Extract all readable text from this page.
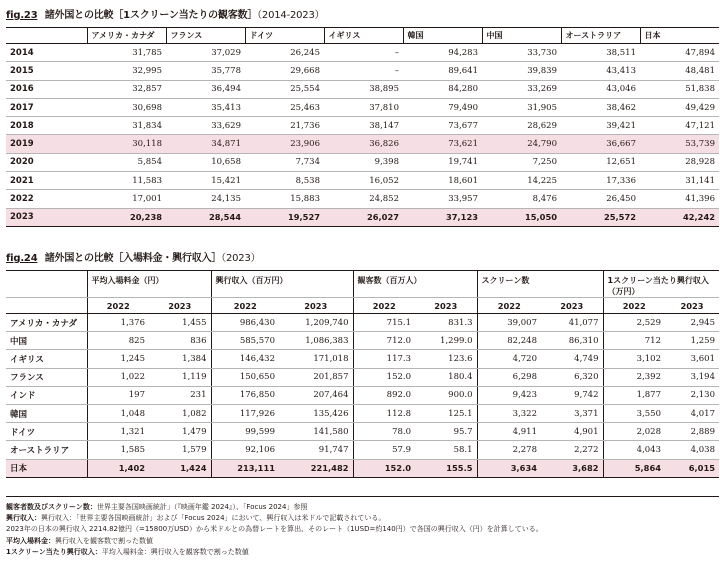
fig.23 諸外国との比較［1スクリーン当たりの観客数］（2014-2023）
	アメリカ・カナダ	フランス	ドイツ	イギリス	韓国	中国	オーストラリア	日本
2014	31,785	37,029	26,245	–	94,283	33,730	38,511	47,894
2015	32,995	35,778	29,668	–	89,641	39,839	43,413	48,481
2016	32,857	36,494	25,554	38,895	84,280	33,269	43,046	51,838
2017	30,698	35,413	25,463	37,810	79,490	31,905	38,462	49,429
2018	31,834	33,629	21,736	38,147	73,677	28,629	39,421	47,121
2019	30,118	34,871	23,906	36,826	73,621	24,790	36,667	53,739
2020	5,854	10,658	7,734	9,398	19,741	7,250	12,651	28,928
2021	11,583	15,421	8,538	16,052	18,601	14,225	17,336	31,141
2022	17,001	24,135	15,883	24,852	33,957	8,476	26,450	41,396
2023	20,238	28,544	19,527	26,027	37,123	15,050	25,572	42,242
fig.24 諸外国との比較［入場料金・興行収入］（2023）
	平均入場料金（円）		興行収入（百万円）		観客数（百万人）		スクリーン数		1スクリーン当たり興行収入
（万円）	
	2022	2023	2022	2023	2022	2023	2022	2023	2022	2023
アメリカ・カナダ	1,376	1,455	986,430	1,209,740	715.1	831.3	39,007	41,077	2,529	2,945
中国	825	836	585,570	1,086,383	712.0	1,299.0	82,248	86,310	712	1,259
イギリス	1,245	1,384	146,432	171,018	117.3	123.6	4,720	4,749	3,102	3,601
フランス	1,022	1,119	150,650	201,857	152.0	180.4	6,298	6,320	2,392	3,194
インド	197	231	176,850	207,464	892.0	900.0	9,423	9,742	1,877	2,130
韓国	1,048	1,082	117,926	135,426	112.8	125.1	3,322	3,371	3,550	4,017
ドイツ	1,321	1,479	99,599	141,580	78.0	95.7	4,911	4,901	2,028	2,889
オーストラリア	1,585	1,579	92,106	91,747	57.9	58.1	2,278	2,272	4,043	4,038
日本	1,402	1,424	213,111	221,482	152.0	155.5	3,634	3,682	5,864	6,015
観客者数及びスクリーン数：世界主要各国映画統計」（『映画年鑑 2024』）、「Focus 2024」参照
興行収入：興行収入：「世界主要各国映画統計」および「Focus 2024」において、興行収入は米ドルで記載されている。
2023年の日本の興行収入 2214.82億円（=15800万USD）から米ドルとの為替レートを算出、そのレート（1USD=約140円）で各国の興行収入（円）を計算している。
平均入場料金：興行収入を観客数で割った数値
1スクリーン当たり興行収入：平均入場料金：興行収入を観客数で割った数値
